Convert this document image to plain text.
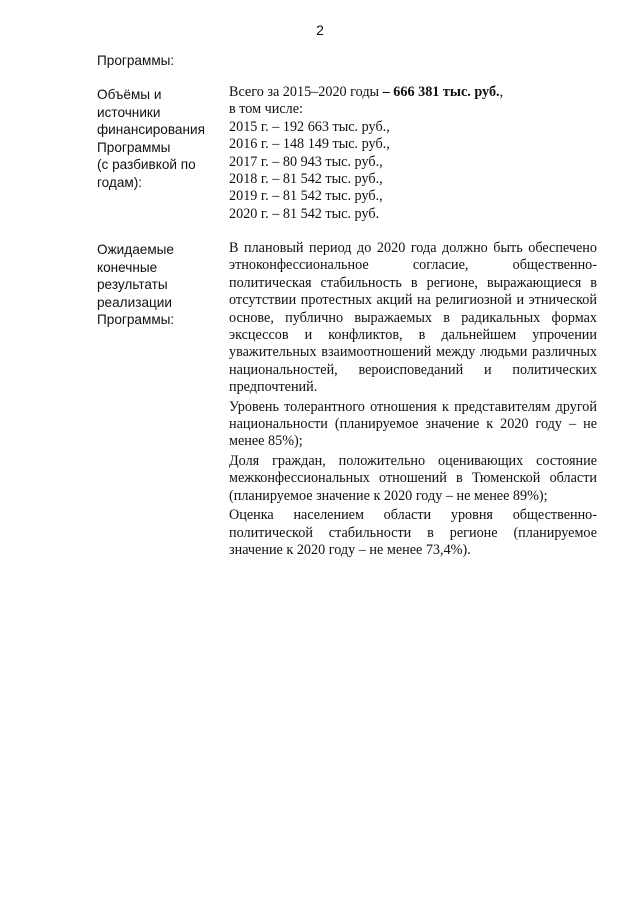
2
Программы:
Объёмы и
источники
финансирования
Программы
(с разбивкой по
годам):
Всего за 2015–2020 годы – 666 381 тыс. руб.,
в том числе:
2015 г. – 192 663 тыс. руб.,
2016 г. – 148 149 тыс. руб.,
2017 г. – 80 943 тыс. руб.,
2018 г. – 81 542 тыс. руб.,
2019 г. – 81 542 тыс. руб.,
2020 г. – 81 542 тыс. руб.
Ожидаемые
конечные
результаты
реализации
Программы:

В плановый период до 2020 года должно быть обеспечено этноконфессиональное согласие, общественно-политическая стабильность в регионе, выражающиеся в отсутствии протестных акций на религиозной и этнической основе, публично выражаемых в радикальных формах эксцессов и конфликтов, в дальнейшем упрочении уважительных взаимоотношений между людьми различных национальностей, вероисповеданий и политических предпочтений.

Уровень толерантного отношения к представителям другой национальности (планируемое значение к 2020 году – не менее 85%);

Доля граждан, положительно оценивающих состояние межконфессиональных отношений в Тюменской области (планируемое значение к 2020 году – не менее 89%);

Оценка населением области уровня общественно-политической стабильности в регионе (планируемое значение к 2020 году – не менее 73,4%).
